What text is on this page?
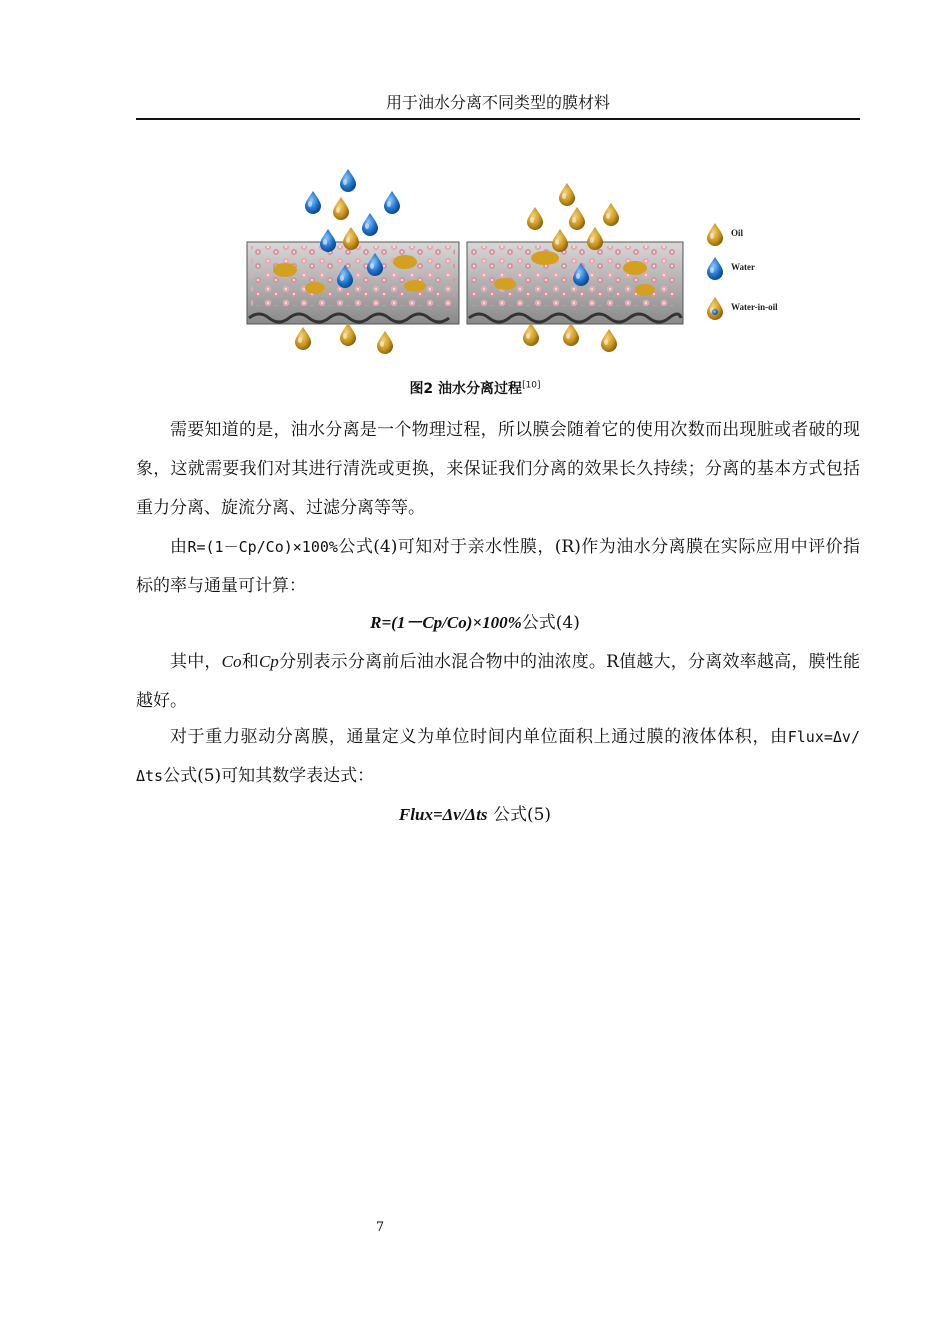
用于油水分离不同类型的膜材料
Oil
Water
Water-in-oil
图2 油水分离过程[10]

需要知道的是，油水分离是一个物理过程，所以膜会随着它的使用次数而出现脏或者破的现象，这就需要我们对其进行清洗或更换，来保证我们分离的效果长久持续；分离的基本方式包括重力分离、旋流分离、过滤分离等等。

由R=(1－Cp/Co)×100%公式(4)可知对于亲水性膜，(R)作为油水分离膜在实际应用中评价指标的率与通量可计算：

R=(1－Cp/Co)×100%公式(4)

其中，Co和Cp分别表示分离前后油水混合物中的油浓度。R值越大，分离效率越高，膜性能越好。

对于重力驱动分离膜，通量定义为单位时间内单位面积上通过膜的液体体积，由Flux=Δv/Δts公式(5)可知其数学表达式：

Flux=Δv/Δts 公式(5)
7
